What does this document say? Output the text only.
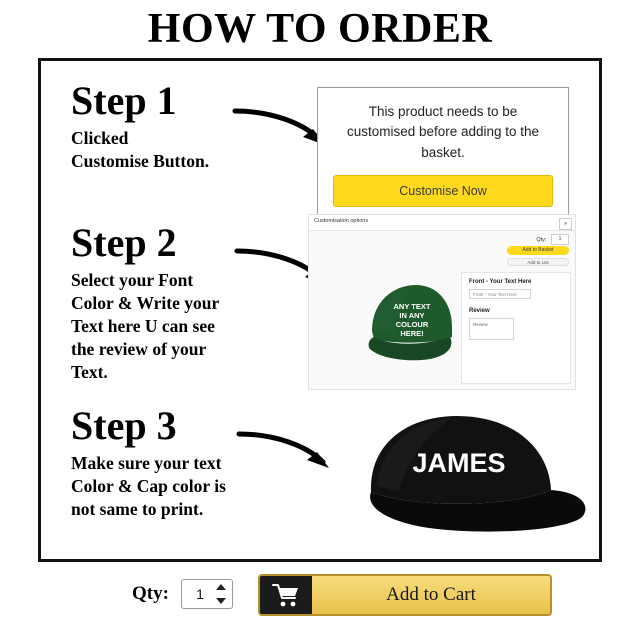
HOW TO ORDER
Step 1
Clicked
Customise Button.
This product needs to be customised before adding to the basket.
Customise Now
Step 2
Select your Font
Color & Write your
Text here U can see
the review of your
Text.
Customisation options	»
Qty: 1
Add to Basket
Add to List
Front - Your Text Here
Front - Your Text Here
Review
Review
ANY TEXT
IN ANY
COLOUR
HERE!
Step 3
Make sure your text
Color & Cap color is
not same to print.
JAMES
Qty:	1	Add to Cart
